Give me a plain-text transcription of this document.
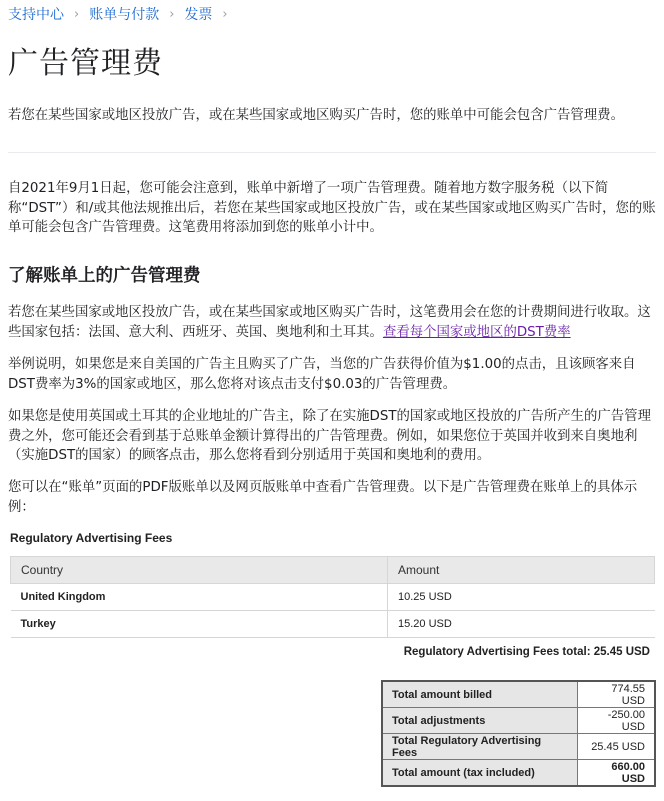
支持中心 › 账单与付款 › 发票 ›
广告管理费

若您在某些国家或地区投放广告，或在某些国家或地区购买广告时，您的账单中可能会包含广告管理费。

自2021年9月1日起，您可能会注意到，账单中新增了一项广告管理费。随着地方数字服务税（以下简称“DST”）和/或其他法规推出后，若您在某些国家或地区投放广告，或在某些国家或地区购买广告时，您的账单可能会包含广告管理费。这笔费用将添加到您的账单小计中。

了解账单上的广告管理费

若您在某些国家或地区投放广告，或在某些国家或地区购买广告时，这笔费用会在您的计费期间进行收取。这些国家包括：法国、意大利、西班牙、英国、奥地利和土耳其。查看每个国家或地区的DST费率

举例说明，如果您是来自美国的广告主且购买了广告，当您的广告获得价值为$1.00的点击，且该顾客来自DST费率为3%的国家或地区，那么您将对该点击支付$0.03的广告管理费。

如果您是使用英国或土耳其的企业地址的广告主，除了在实施DST的国家或地区投放的广告所产生的广告管理费之外，您可能还会看到基于总账单金额计算得出的广告管理费。例如，如果您位于英国并收到来自奥地利（实施DST的国家）的顾客点击，那么您将看到分别适用于英国和奥地利的费用。

您可以在“账单”页面的PDF版账单以及网页版账单中查看广告管理费。以下是广告管理费在账单上的具体示例：

Regulatory Advertising Fees
Country	Amount
United Kingdom	10.25 USD
Turkey	15.20 USD
Regulatory Advertising Fees total: 25.45 USD
Total amount billed	774.55 USD
Total adjustments	-250.00 USD
Total Regulatory Advertising Fees	25.45 USD
Total amount (tax included)	660.00 USD
